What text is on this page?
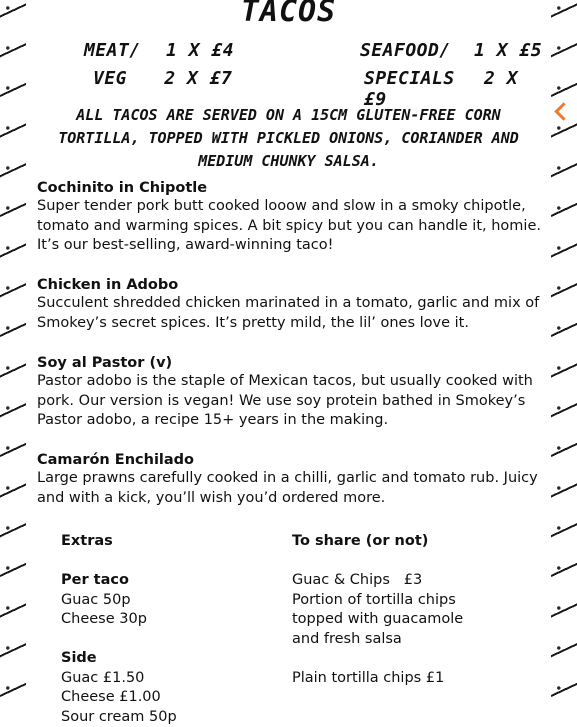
TACOS
MEAT/ 1 X £4
VEG 2 X £7
SEAFOOD/ 1 X £5
SPECIALS 2 X £9
ALL TACOS ARE SERVED ON A 15CM GLUTEN-FREE CORN TORTILLA, TOPPED WITH PICKLED ONIONS, CORIANDER AND MEDIUM CHUNKY SALSA.
Cochinito in Chipotle
Super tender pork butt cooked looow and slow in a smoky chipotle, tomato and warming spices. A bit spicy but you can handle it, homie. It’s our best-selling, award-winning taco!
Chicken in Adobo
Succulent shredded chicken marinated in a tomato, garlic and mix of Smokey’s secret spices. It’s pretty mild, the lil’ ones love it.
Soy al Pastor (v)
Pastor adobo is the staple of Mexican tacos, but usually cooked with pork. Our version is vegan! We use soy protein bathed in Smokey’s Pastor adobo, a recipe 15+ years in the making.
Camarón Enchilado
Large prawns carefully cooked in a chilli, garlic and tomato rub. Juicy and with a kick, you’ll wish you’d ordered more.
Extras
Per taco
Guac 50p
Cheese 30p
Side
Guac £1.50
Cheese £1.00
Sour cream 50p
To share (or not)
Guac & Chips   £3
Portion of tortilla chips topped with guacamole and fresh salsa
Plain tortilla chips £1
